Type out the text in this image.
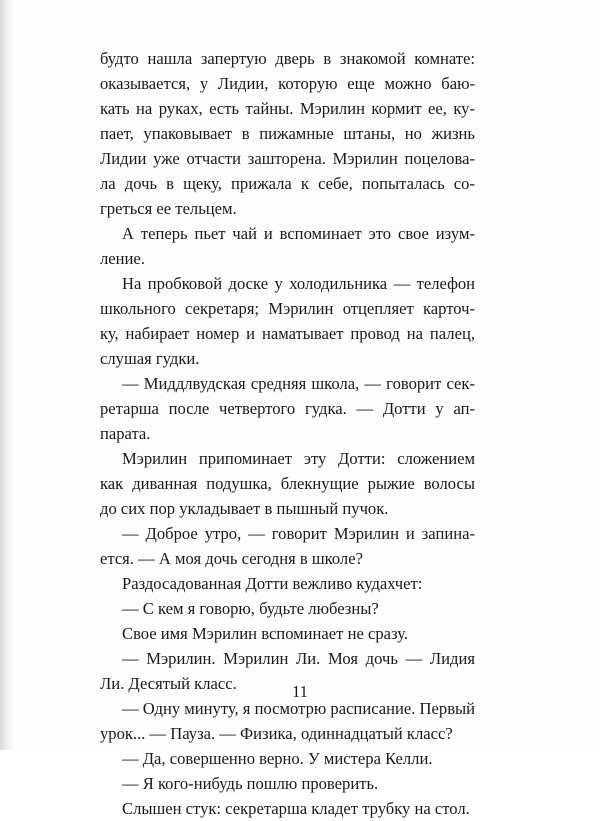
будто нашла запертую дверь в знакомой комнате:
оказывается, у Лидии, которую еще можно баю-
кать на руках, есть тайны. Мэрилин кормит ее, ку-
пает, упаковывает в пижамные штаны, но жизнь
Лидии уже отчасти зашторена. Мэрилин поцелова-
ла дочь в щеку, прижала к себе, попыталась со-
греться ее тельцем.
А теперь пьет чай и вспоминает это свое изум-
ление.
На пробковой доске у холодильника — телефон
школьного секретаря; Мэрилин отцепляет карточ-
ку, набирает номер и наматывает провод на палец,
слушая гудки.
— Миддлвудская средняя школа, — говорит сек-
ретарша после четвертого гудка. — Дотти у ап-
парата.
Мэрилин припоминает эту Дотти: сложением
как диванная подушка, блекнущие рыжие волосы
до сих пор укладывает в пышный пучок.
— Доброе утро, — говорит Мэрилин и запина-
ется. — А моя дочь сегодня в школе?
Раздосадованная Дотти вежливо кудахчет:
— С кем я говорю, будьте любезны?
Свое имя Мэрилин вспоминает не сразу.
— Мэрилин. Мэрилин Ли. Моя дочь — Лидия
Ли. Десятый класс.
— Одну минуту, я посмотрю расписание. Первый
урок... — Пауза. — Физика, одиннадцатый класс?
— Да, совершенно верно. У мистера Келли.
— Я кого-нибудь пошлю проверить.
Слышен стук: секретарша кладет трубку на стол.
11
